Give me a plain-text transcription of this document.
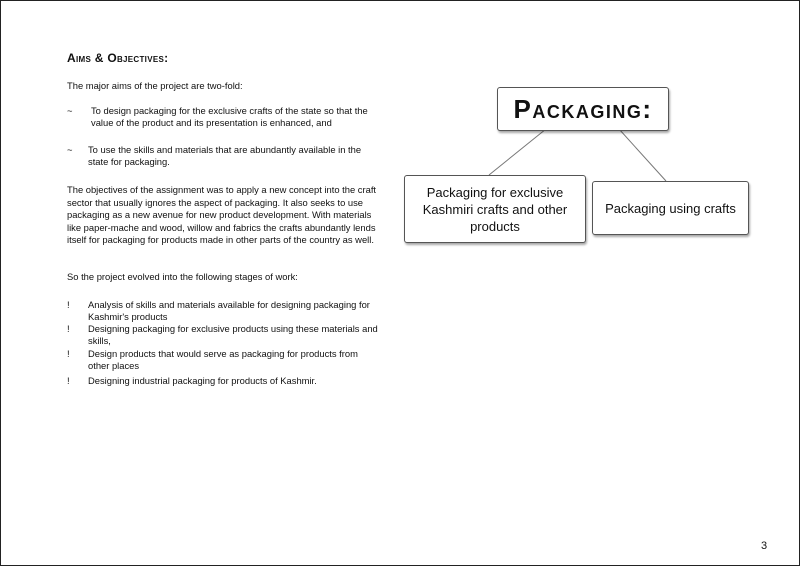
Aims & Objectives:
The major aims of the project are two-fold:
~ To design packaging for the exclusive crafts of the state so that the value of the product and its presentation is enhanced, and
~ To use the skills and materials that are abundantly available in the state for packaging.
The objectives of the assignment was to apply a new concept into the craft sector that usually ignores the aspect of packaging. It also seeks to use packaging as a new avenue for new product development. With materials like paper-mache and wood, willow and fabrics the crafts abundantly lends itself for packaging for products made in other parts of the country as well.
So the project evolved into the following stages of work:
! Analysis of skills and materials available for designing packaging for Kashmir's products
! Designing packaging for exclusive products using these materials and skills,
! Design products that would serve as packaging for products from other places
! Designing industrial packaging for products of Kashmir.
Packaging:
Packaging for exclusive Kashmiri crafts and other products
Packaging using crafts
3
